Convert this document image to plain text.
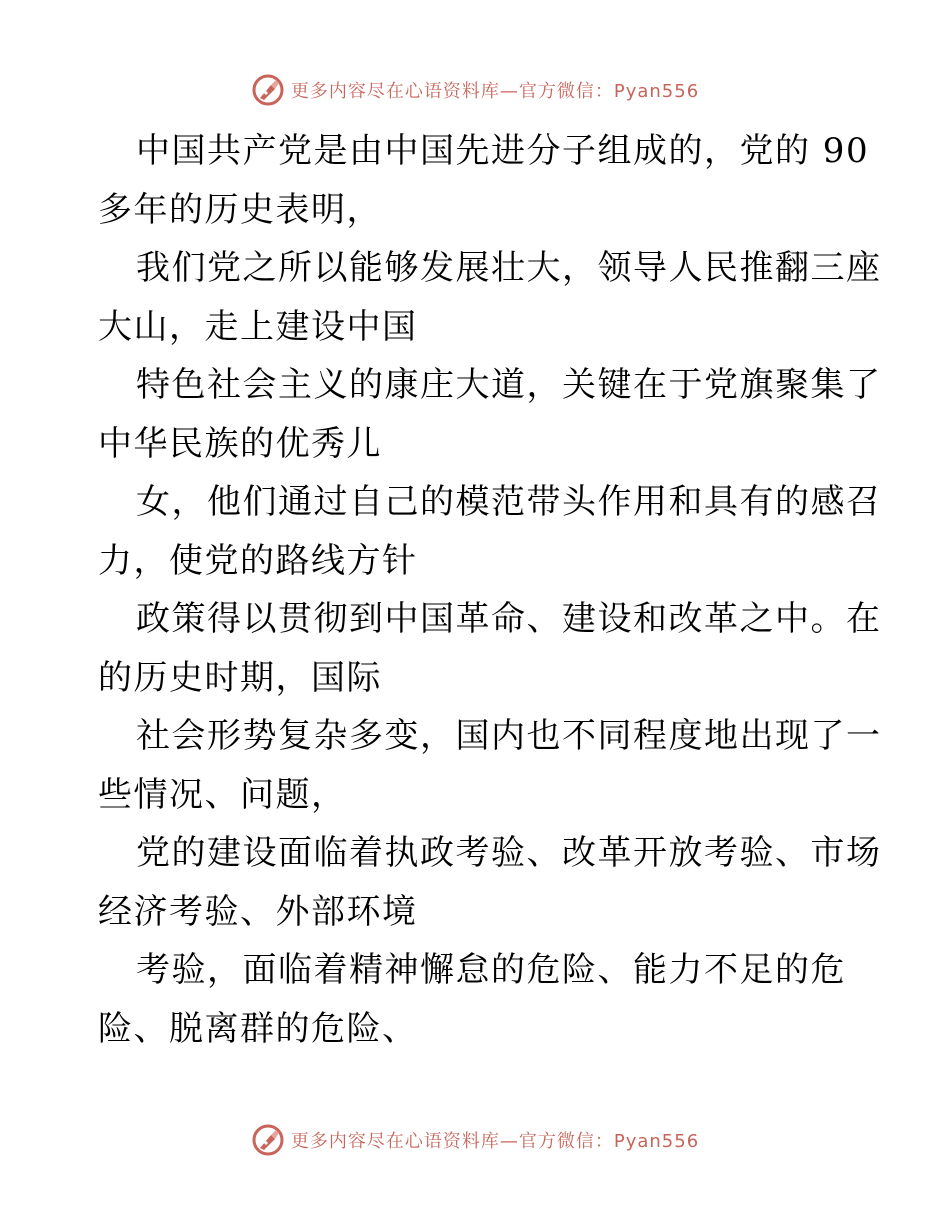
更多内容尽在心语资料库—官方微信：Pyan556
中国共产党是由中国先进分子组成的，党的 90
多年的历史表明，
我们党之所以能够发展壮大，领导人民推翻三座
大山，走上建设中国
特色社会主义的康庄大道，关键在于党旗聚集了
中华民族的优秀儿
女，他们通过自己的模范带头作用和具有的感召
力，使党的路线方针
政策得以贯彻到中国革命、建设和改革之中。在
的历史时期，国际
社会形势复杂多变，国内也不同程度地出现了一
些情况、问题，
党的建设面临着执政考验、改革开放考验、市场
经济考验、外部环境
考验，面临着精神懈怠的危险、能力不足的危
险、脱离群的危险、
更多内容尽在心语资料库—官方微信：Pyan556
